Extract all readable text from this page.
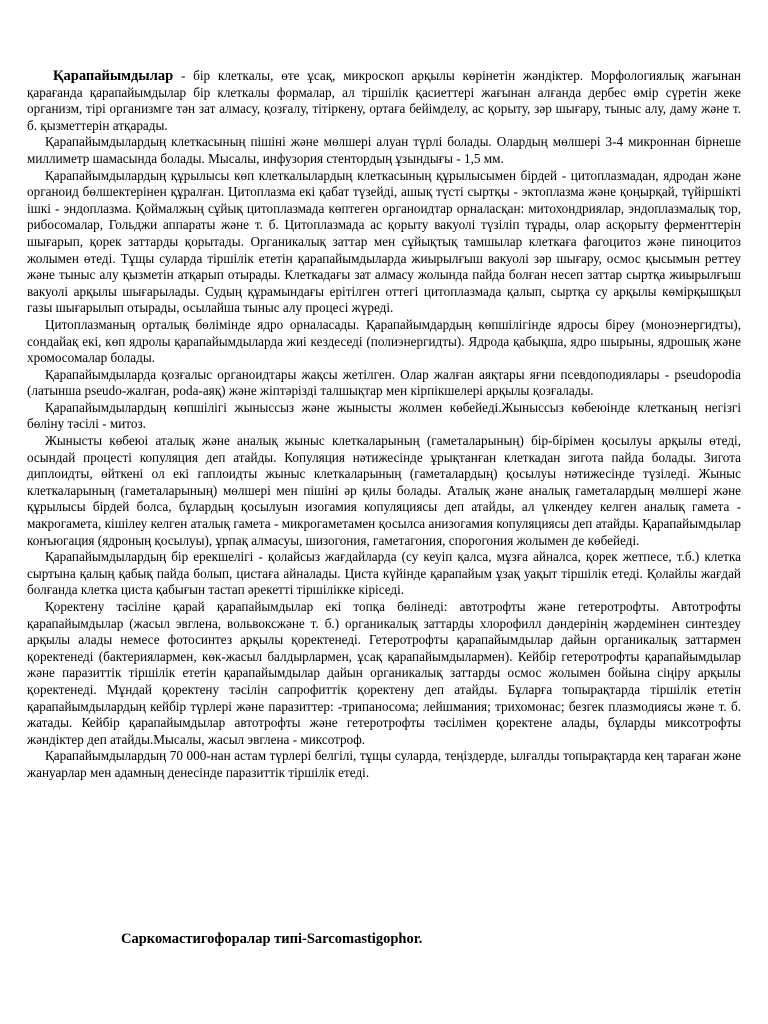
Қарапайымдылар - бір клеткалы, өте ұсақ, микроскоп арқылы көрінетін жәндіктер. Морфологиялық жағынан қарағанда қарапайымдылар бір клеткалы формалар, ал тіршілік қасиеттері жағынан алғанда дербес өмір сүретін жеке организм, тірі организмге тән зат алмасу, қозғалу, тітіркену, ортаға бейімделу, ас қорыту, зәр шығару, тыныс алу, даму және т. б. қызметтерін атқарады.

Қарапайымдылардың клеткасының пішіні және мөлшері алуан түрлі болады. Олардың мөлшері 3-4 микроннан бірнеше миллиметр шамасында болады. Мысалы, инфузория стентордың ұзындығы - 1,5 мм.

Қарапайымдылардың құрылысы көп клеткалылардың клеткасының құрылысымен бірдей - цитоплазмадан, ядродан және органоид бөлшектерінен құралған. Цитоплазма екі қабат түзейді, ашық түсті сыртқы - эктоплазма және қоңырқай, түйіршікті ішкі - эндоплазма. Қоймалжың сұйық цитоплазмада көптеген органоидтар орналасқан: митохондриялар, эндоплазмалық тор, рибосомалар, Гольджи аппараты және т. б. Цитоплазмада ас қорыту вакуолі түзіліп тұрады, олар асқорыту ферменттерін шығарып, қорек заттарды қорытады. Органикалық заттар мен сұйықтық тамшылар клеткаға фагоцитоз және пиноцитоз жолымен өтеді. Тұщы суларда тіршілік ететін қарапайымдыларда жиырылғыш вакуолі зәр шығару, осмос қысымын реттеу және тыныс алу қызметін атқарып отырады. Клеткадағы зат алмасу жолында пайда болған несеп заттар сыртқа жиырылғыш вакуолі арқылы шығарылады. Судың құрамындағы ерітілген оттегі цитоплазмада қалып, сыртқа су арқылы көмірқышқыл газы шығарылып отырады, осылайша тыныс алу процесі жүреді.

Цитоплазманың орталық бөлімінде ядро орналасады. Қарапайымдардың көпшілігінде ядросы біреу (моноэнергидты), сондайақ екі, көп ядролы қарапайымдыларда жиі кездеседі (полиэнергидты). Ядрода қабықша, ядро шырыны, ядрошық және хромосомалар болады.

Қарапайымдыларда қозғалыс органоидтары жақсы жетілген. Олар жалған аяқтары яғни псевдоподиялары - pseudopodia (латынша pseudo-жалған, poda-аяқ) және жіптәрізді талшықтар мен кірпікшелері арқылы қозғалады.

Қарапайымдылардың көпшілігі жыныссыз және жынысты жолмен көбейеді.Жыныссыз көбеюінде клетканың негізгі бөліну тәсілі - митоз.

Жынысты көбеюі аталық және аналық жыныс клеткаларының (гаметаларының) бір-бірімен қосылуы арқылы өтеді, осындай процесті копуляция деп атайды. Копуляция нәтижесінде ұрықтанған клеткадан зигота пайда болады. Зигота диплоидты, өйткені ол екі гаплоидты жыныс клеткаларының (гаметалардың) қосылуы нәтижесінде түзіледі. Жыныс клеткаларының (гаметаларының) мөлшері мен пішіні әр қилы болады. Аталық және аналық гаметалардың мөлшері және құрылысы бірдей болса, бұлардың қосылуын изогамия копуляциясы деп атайды, ал үлкендеу келген аналық гамета - макрогамета, кішілеу келген аталық гамета - микрогаметамен қосылса анизогамия копуляциясы деп атайды. Қарапайымдылар конъюгация (ядроның қосылуы), ұрпақ алмасуы, шизогония, гаметагония, спорогония жолымен де көбейеді.

Қарапайымдылардың бір ерекшелігі - қолайсыз жағдайларда (су кеуіп қалса, мұзға айналса, қорек жетпесе, т.б.) клетка сыртына қалың қабық пайда болып, цистаға айналады. Циста күйінде қарапайым ұзақ уақыт тіршілік етеді. Қолайлы жағдай болғанда клетка циста қабығын тастап әрекетті тіршілікке кіріседі.

Қоректену тәсіліне қарай қарапайымдылар екі топқа бөлінеді: автотрофты және гетеротрофты. Автотрофты қарапайымдылар (жасыл эвглена, вольвоксжәне т. б.) органикалық заттарды хлорофилл дәндерінің жәрдемінен синтездеу арқылы алады немесе фотосинтез арқылы қоректенеді. Гетеротрофты қарапайымдылар дайын органикалық заттармен қоректенеді (бактериялармен, көк-жасыл балдырлармен, ұсақ қарапайымдылармен). Кейбір гетеротрофты қарапайымдылар және паразиттік тіршілік ететін қарапайымдылар дайын органикалық заттарды осмос жолымен бойына сіңіру арқылы қоректенеді. Мұндай қоректену тәсілін сапрофиттік қоректену деп атайды. Бұларға топырақтарда тіршілік ететін қарапайымдылардың кейбір түрлері және паразиттер: -трипаносома; лейшмания; трихомонас; безгек плазмодиясы және т. б. жатады. Кейбір қарапайымдылар автотрофты және гетеротрофты тәсілімен қоректене алады, бұларды миксотрофты жәндіктер деп атайды.Мысалы, жасыл эвглена - миксотроф.

Қарапайымдылардың 70 000-нан астам түрлері белгілі, тұщы суларда, теңіздерде, ылғалды топырақтарда кең тараған және жануарлар мен адамның денесінде паразиттік тіршілік етеді.

Саркомастигофоралар типі-Sarcomastigophor.
